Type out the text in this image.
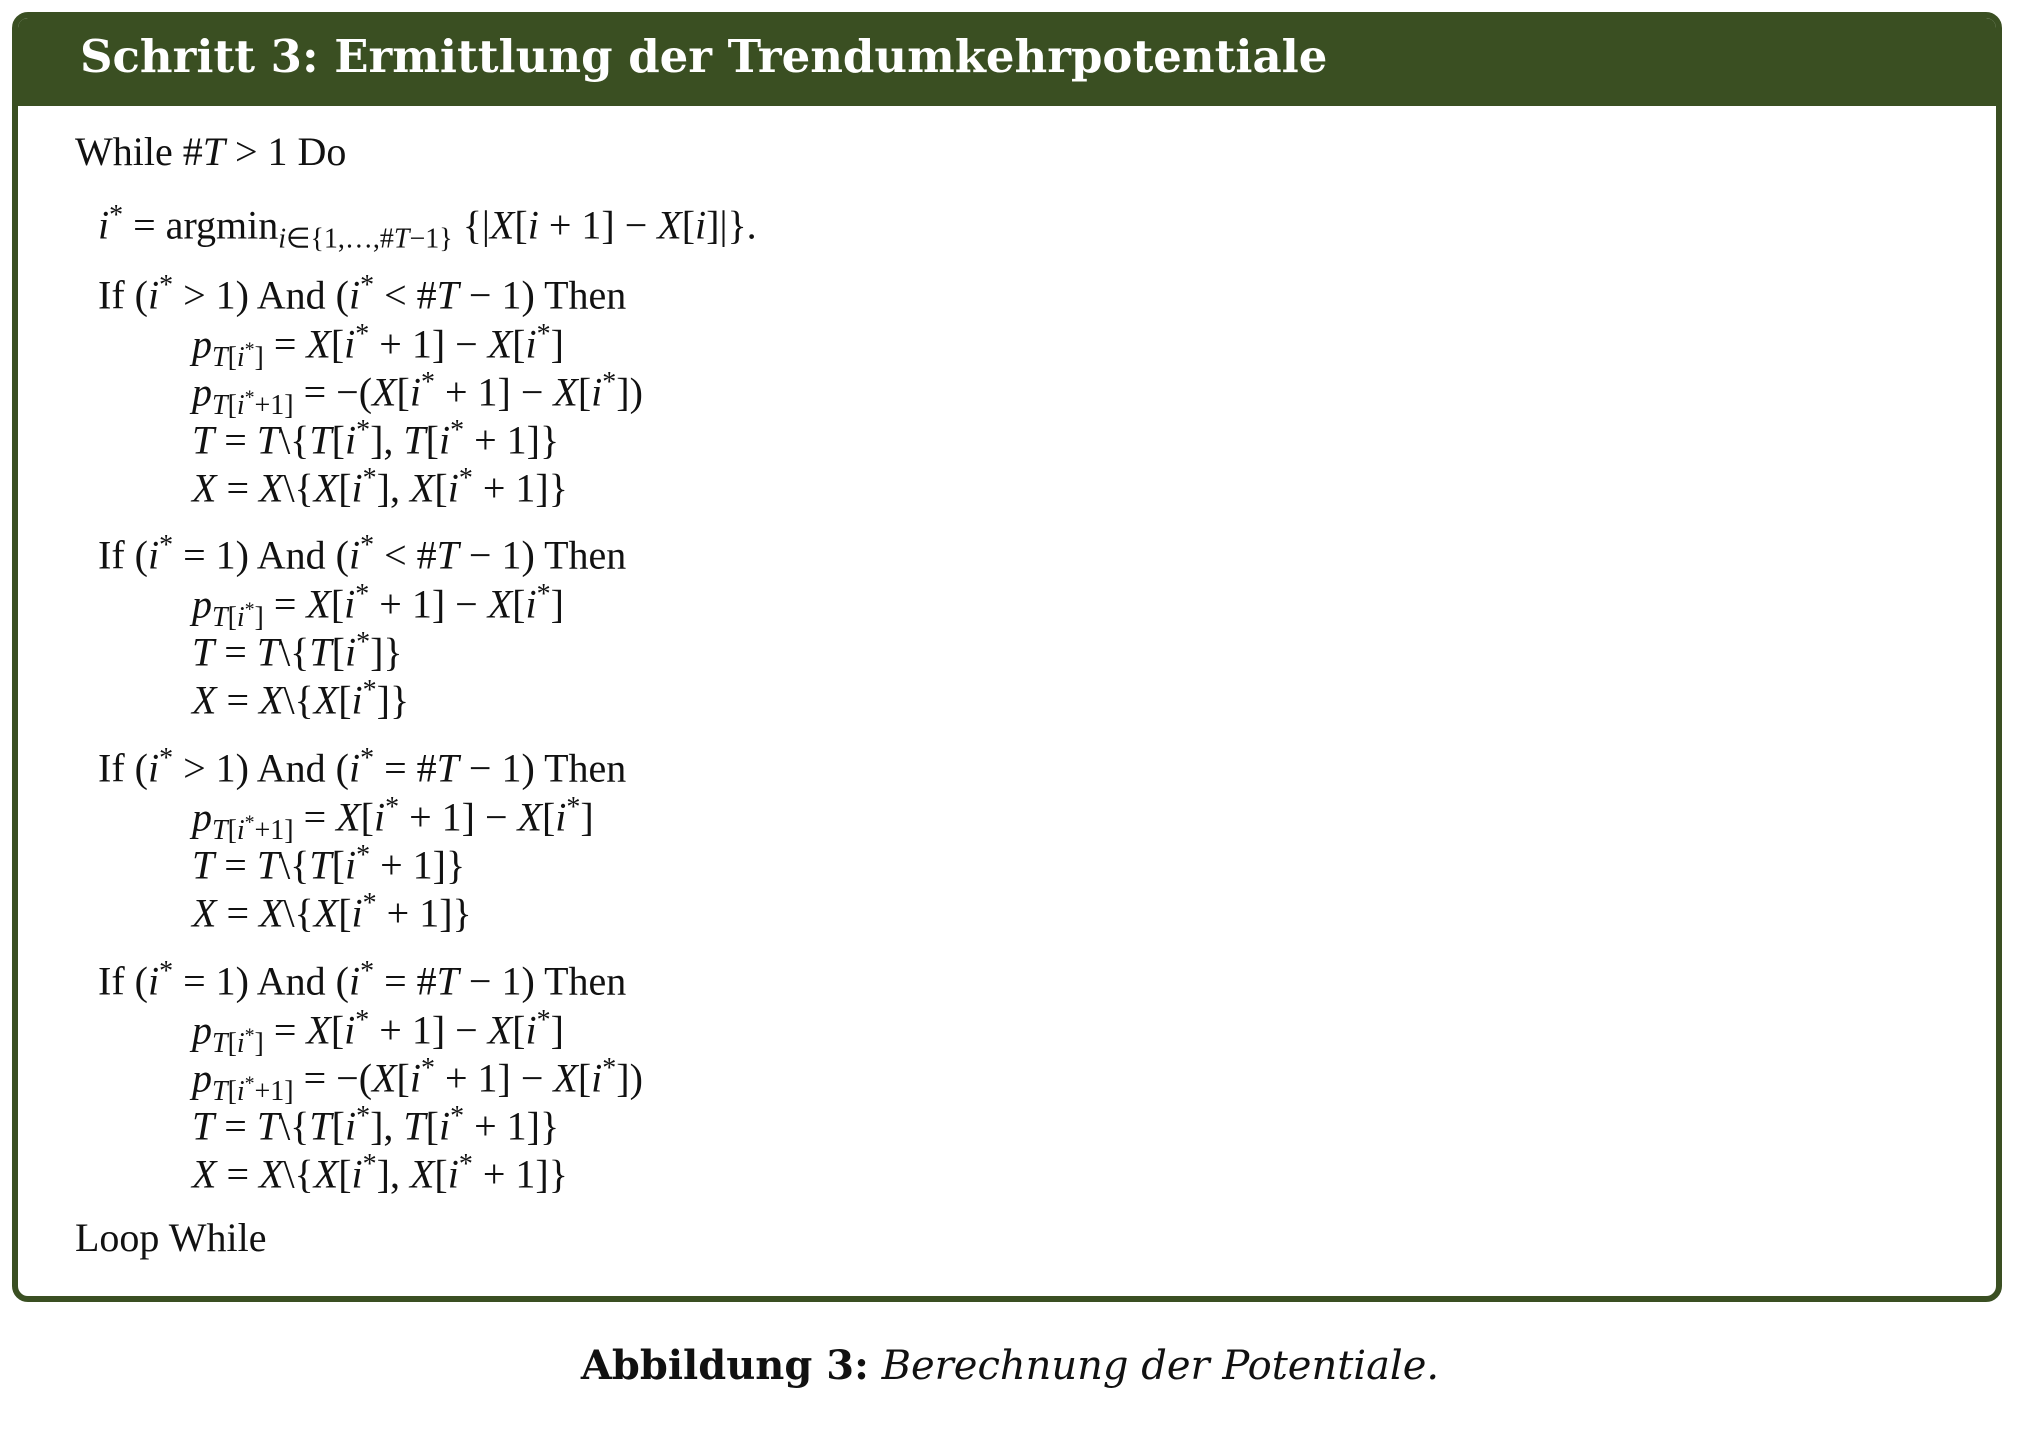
Schritt 3: Ermittlung der Trendumkehrpotentiale
While #T > 1 Do
i* = argmin$_{i\in\{1,\dots,\#T-1\}}$ {|X[i + 1] − X[i]|}.
If (i* > 1) And (i* < #T − 1) Then
$p_{T[i^*]} = X[i^* + 1] - X[i^*]$
$p_{T[i^*+1]} = -(X[i^* + 1] - X[i^*])$
T = T\{T[i*], T[i* + 1]}
X = X\{X[i*], X[i* + 1]}
If (i* = 1) And (i* < #T − 1) Then
$p_{T[i^*]} = X[i^* + 1] - X[i^*]$
T = T\{T[i*]}
X = X\{X[i*]}
If (i* > 1) And (i* = #T − 1) Then
$p_{T[i^*+1]} = X[i^* + 1] - X[i^*]$
T = T\{T[i* + 1]}
X = X\{X[i* + 1]}
If (i* = 1) And (i* = #T − 1) Then
$p_{T[i^*]} = X[i^* + 1] - X[i^*]$
$p_{T[i^*+1]} = -(X[i^* + 1] - X[i^*])$
T = T\{T[i*], T[i* + 1]}
X = X\{X[i*], X[i* + 1]}
Loop While
Abbildung 3: Berechnung der Potentiale.
